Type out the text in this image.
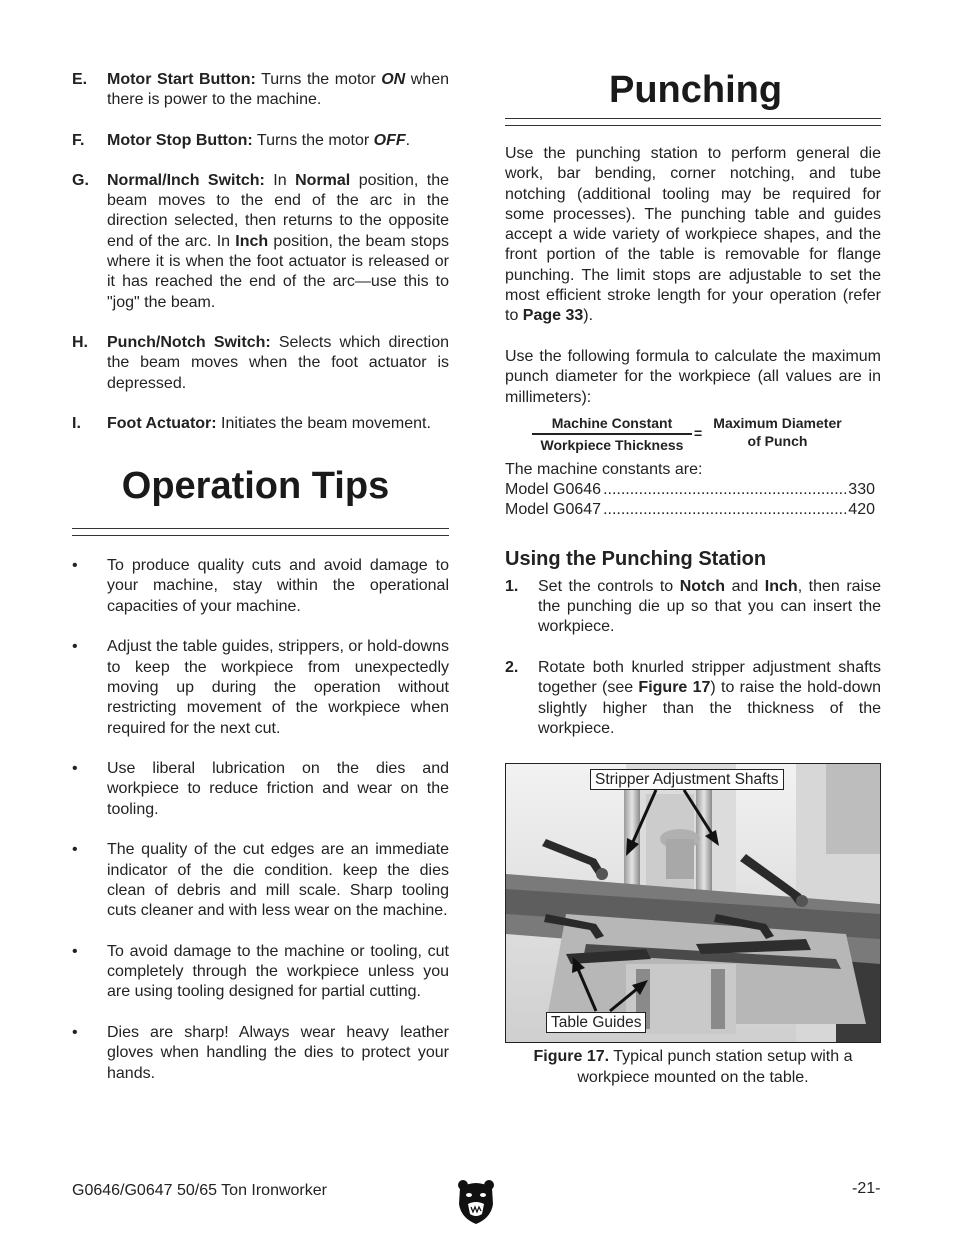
E. Motor Start Button: Turns the motor ON when there is power to the machine.
F. Motor Stop Button: Turns the motor OFF.
G. Normal/Inch Switch: In Normal position, the beam moves to the end of the arc in the direction selected, then returns to the opposite end of the arc. In Inch position, the beam stops where it is when the foot actuator is released or it has reached the end of the arc—use this to "jog" the beam.
H. Punch/Notch Switch: Selects which direction the beam moves when the foot actuator is depressed.
I. Foot Actuator: Initiates the beam movement.
Operation Tips
• To produce quality cuts and avoid damage to your machine, stay within the operational capacities of your machine.
• Adjust the table guides, strippers, or hold-downs to keep the workpiece from unexpectedly moving up during the operation without restricting movement of the workpiece when required for the next cut.
• Use liberal lubrication on the dies and workpiece to reduce friction and wear on the tooling.
• The quality of the cut edges are an immediate indicator of the die condition. keep the dies clean of debris and mill scale. Sharp tooling cuts cleaner and with less wear on the machine.
• To avoid damage to the machine or tooling, cut completely through the workpiece unless you are using tooling designed for partial cutting.
• Dies are sharp! Always wear heavy leather gloves when handling the dies to protect your hands.
Punching
Use the punching station to perform general die work, bar bending, corner notching, and tube notching (additional tooling may be required for some processes). The punching table and guides accept a wide variety of workpiece shapes, and the front portion of the table is removable for flange punching. The limit stops are adjustable to set the most efficient stroke length for your operation (refer to Page 33).
Use the following formula to calculate the maximum punch diameter for the workpiece (all values are in millimeters):
Machine Constant
Workpiece Thickness
=
Maximum Diameter
of Punch
The machine constants are:
Model G0646 .....	330
Model G0647 .....	420
Using the Punching Station
1. Set the controls to Notch and Inch, then raise the punching die up so that you can insert the workpiece.
2. Rotate both knurled stripper adjustment shafts together (see Figure 17) to raise the hold-down slightly higher than the thickness of the workpiece.
Stripper Adjustment Shafts
Table Guides
Figure 17. Typical punch station setup with a workpiece mounted on the table.
G0646/G0647 50/65 Ton Ironworker	-21-
